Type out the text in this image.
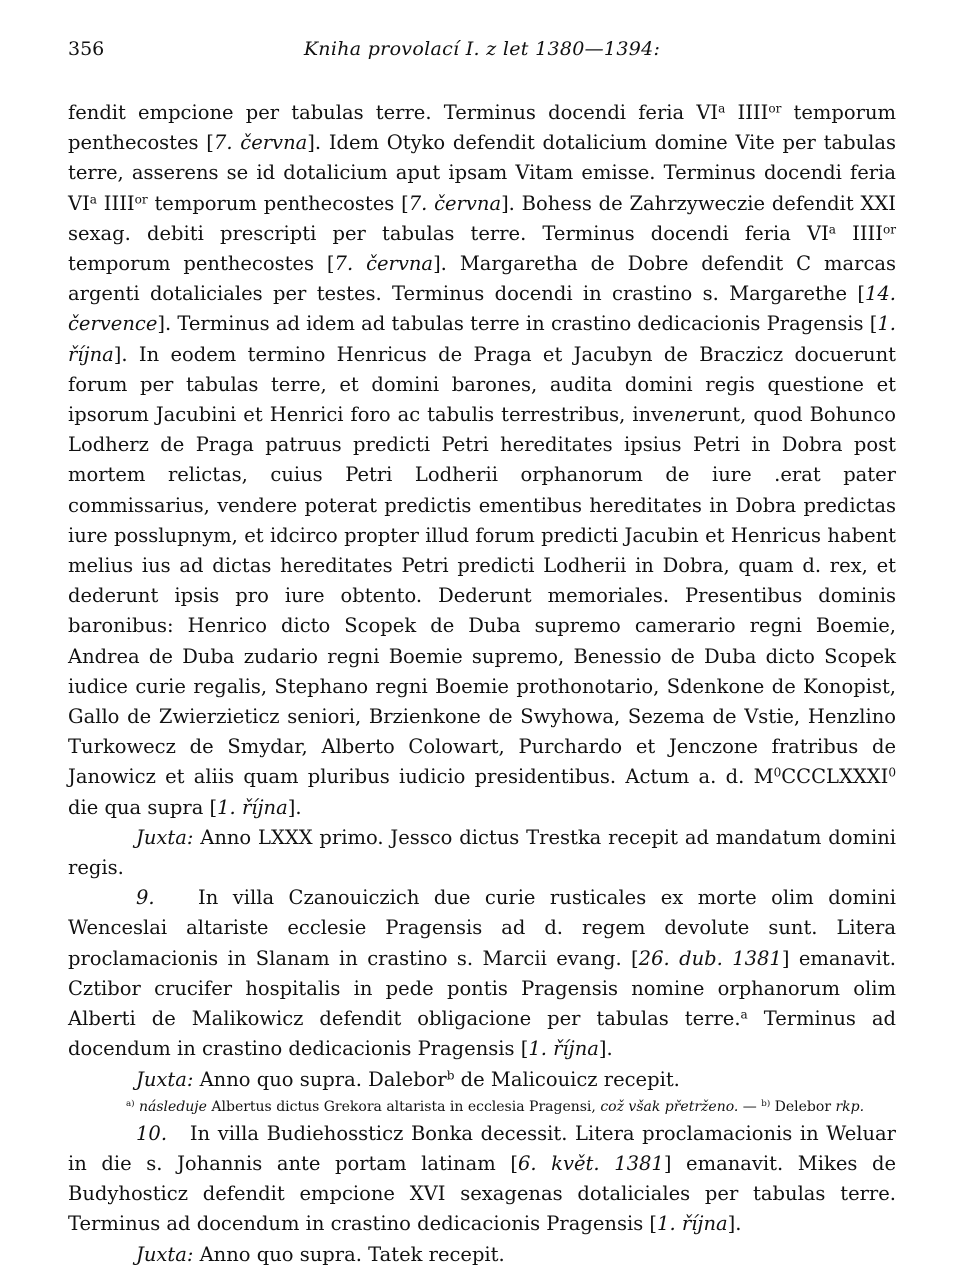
356	Kniha provolací I. z let 1380—1394:

fendit empcione per tabulas terre. Terminus docendi feria $VI^a$ $IIII^{or}$ temporum penthecostes [7. června]. Idem Otyko defendit dotalicium domine Vite per tabulas terre, asserens se id dotalicium aput ipsam Vitam emisse. Terminus docendi feria $VI^a$ $IIII^{or}$ temporum penthecostes [7. června]. Bohess de Zahrzyweczie defendit XXI sexag. debiti prescripti per tabulas terre. Terminus docendi feria $VI^a$ $IIII^{or}$ temporum penthecostes [7. června]. Margaretha de Dobre defendit C marcas argenti dotaliciales per testes. Terminus docendi in crastino s. Margarethe [14. července]. Terminus ad idem ad tabulas terre in crastino dedicacionis Pragensis [1. října]. In eodem termino Henricus de Praga et Jacubyn de Braczicz docuerunt forum per tabulas terre, et domini barones, audita domini regis questione et ipsorum Jacubini et Henrici foro ac tabulis terrestribus, invenerunt, quod Bohunco Lodherz de Praga patruus predicti Petri hereditates ipsius Petri in Dobra post mortem relictas, cuius Petri Lodherii orphanorum de iure .erat pater commissarius, vendere poterat predictis ementibus hereditates in Dobra predictas iure posslupnym, et idcirco propter illud forum predicti Jacubin et Henricus habent melius ius ad dictas hereditates Petri predicti Lodherii in Dobra, quam d. rex, et dederunt ipsis pro iure obtento. Dederunt memoriales. Presentibus dominis baronibus: Henrico dicto Scopek de Duba supremo camerario regni Boemie, Andrea de Duba zudario regni Boemie supremo, Benessio de Duba dicto Scopek iudice curie regalis, Stephano regni Boemie prothonotario, Sdenkone de Konopist, Gallo de Zwierzieticz seniori, Brzienkone de Swyhowa, Sezema de Vstie, Henzlino Turkowecz de Smydar, Alberto Colowart, Purchardo et Jenczone fratribus de Janowicz et aliis quam pluribus iudicio presidentibus. Actum a. d. $M^0CCCLXXXI^0$ die qua supra [1. října].

Juxta: Anno LXXX primo. Jessco dictus Trestka recepit ad mandatum domini regis.

9. In villa Czanouiczich due curie rusticales ex morte olim domini Wenceslai altariste ecclesie Pragensis ad d. regem devolute sunt. Litera proclamacionis in Slanam in crastino s. Marcii evang. [26. dub. 1381] emanavit. Cztibor crucifer hospitalis in pede pontis Pragensis nomine orphanorum olim Alberti de Malikowicz defendit obligacione per tabulas terre.$^a$ Terminus ad docendum in crastino dedicacionis Pragensis [1. října].

Juxta: Anno quo supra. Dalebor$^b$ de Malicouicz recepit.

$^{a)}$ následuje Albertus dictus Grekora altarista in ecclesia Pragensi, což však přetrženo. — $^{b)}$ Delebor rkp.

10. In villa Budiehossticz Bonka decessit. Litera proclamacionis in Weluar in die s. Johannis ante portam latinam [6. květ. 1381] emanavit. Mikes de Budyhosticz defendit empcione XVI sexagenas dotaliciales per tabulas terre. Terminus ad docendum in crastino dedicacionis Pragensis [1. října].

Juxta: Anno quo supra. Tatek recepit.
